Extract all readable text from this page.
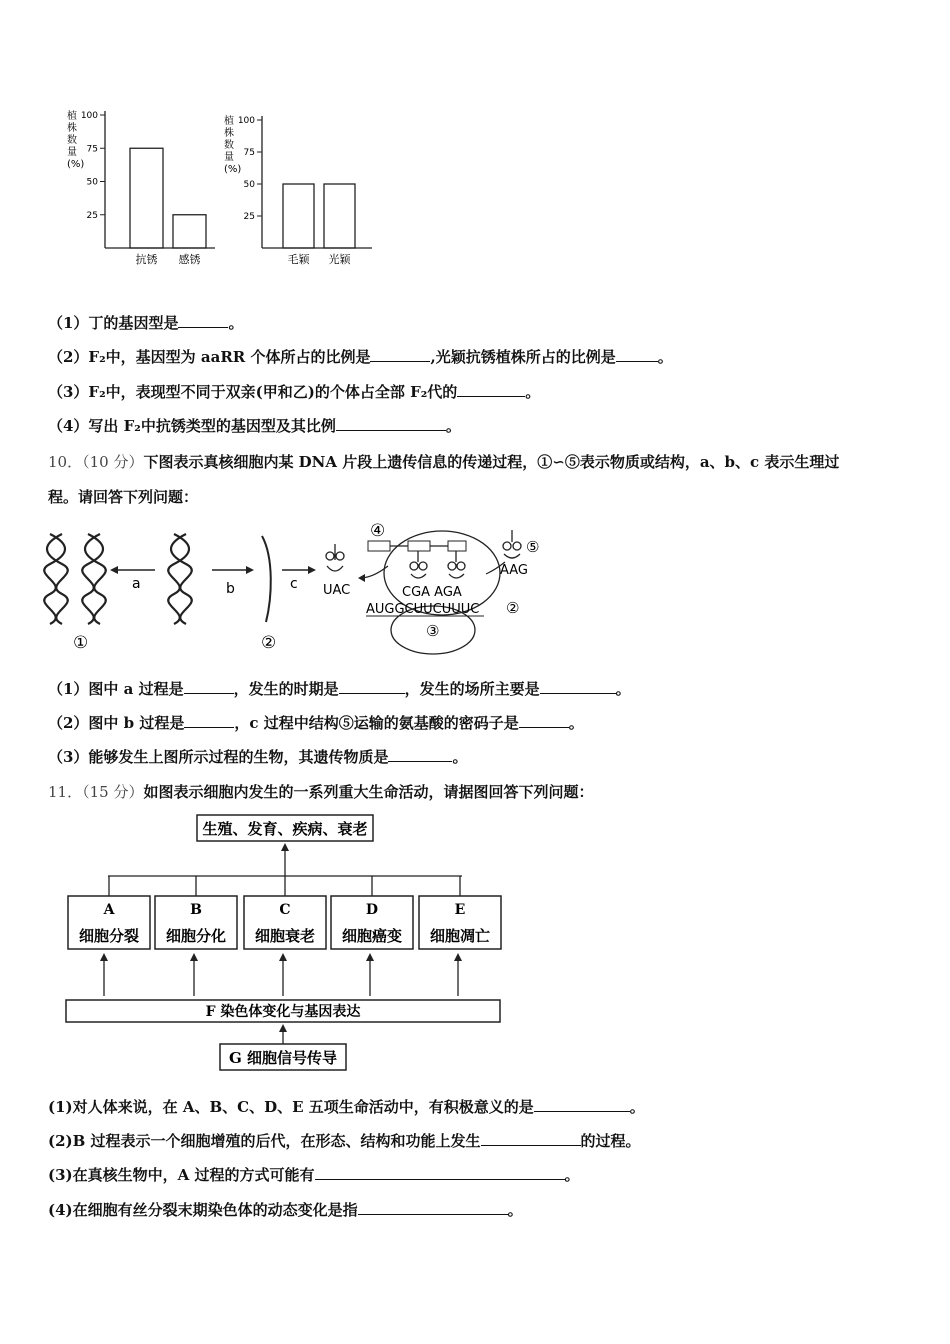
25
50
75
100
植株数量(%)
抗锈 感锈
25
50
75
100
植株数量(%)
毛颖 光颖
（1）丁的基因型是	。
（2）F₂中，基因型为 aaRR 个体所占的比例是	,光颖抗锈植株所占的比例是	。
（3）F₂中，表现型不同于双亲(甲和乙)的个体占全部 F₂代的	。
（4）写出 F₂中抗锈类型的基因型及其比例	。
10．（10 分）下图表示真核细胞内某 DNA 片段上遗传信息的传递过程，①∽⑤表示物质或结构，a、b、c 表示生理过
程。请回答下列问题：
a
①
b
②
c UAC
③
④
CGA AGA
AUGGCUUCUUUC ②
⑤
AAG
（1）图中 a 过程是	，发生的时期是	，发生的场所主要是	。
（2）图中 b 过程是	，c 过程中结构⑤运输的氨基酸的密码子是	。
（3）能够发生上图所示过程的生物，其遗传物质是	。
11．（15 分）如图表示细胞内发生的一系列重大生命活动，请据图回答下列问题：
生殖、发育、疾病、衰老
A
细胞分裂
B
细胞分化
C
细胞衰老
D
细胞癌变
E
细胞凋亡
F 染色体变化与基因表达
G 细胞信号传导
(1)对人体来说，在 A、B、C、D、E 五项生命活动中，有积极意义的是	。
(2)B 过程表示一个细胞增殖的后代，在形态、结构和功能上发生	的过程。
(3)在真核生物中，A 过程的方式可能有	。
(4)在细胞有丝分裂末期染色体的动态变化是指	。
